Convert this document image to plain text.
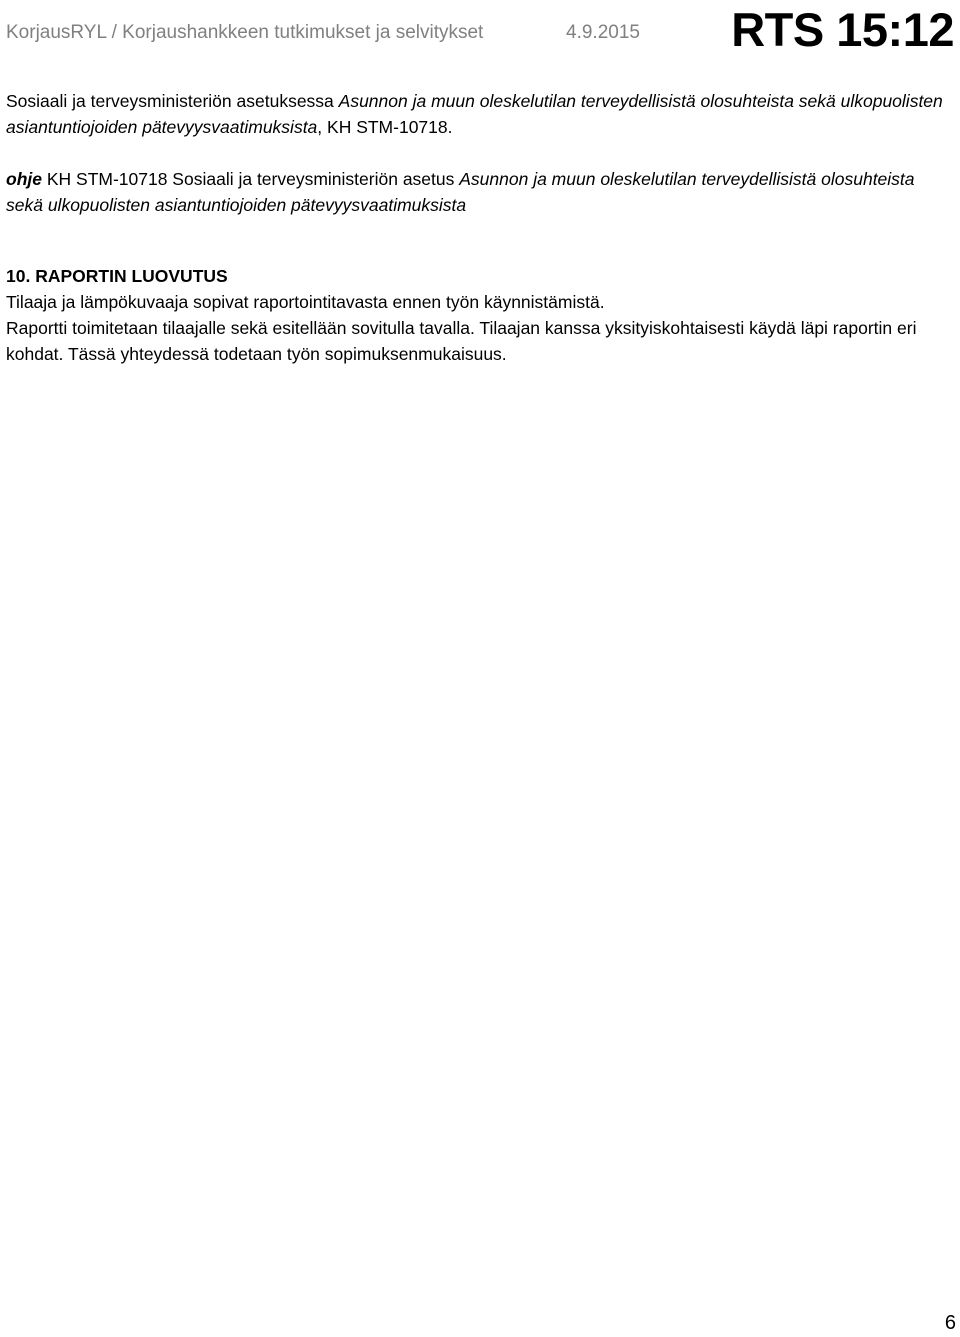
KorjausRYL / Korjaushankkeen tutkimukset ja selvitykset	4.9.2015 RTS 15:12

Sosiaali ja terveysministeriön asetuksessa Asunnon ja muun oleskelutilan terveydellisistä olosuhteista sekä ulkopuolisten asiantuntiojoiden pätevyysvaatimuksista, KH STM-10718.

ohje KH STM-10718 Sosiaali ja terveysministeriön asetus Asunnon ja muun oleskelutilan terveydellisistä olosuhteista sekä ulkopuolisten asiantuntiojoiden pätevyysvaatimuksista

10. RAPORTIN LUOVUTUS
Tilaaja ja lämpökuvaaja sopivat raportointitavasta ennen työn käynnistämistä.
Raportti toimitetaan tilaajalle sekä esitellään sovitulla tavalla. Tilaajan kanssa yksityiskohtaisesti käydä läpi raportin eri kohdat. Tässä yhteydessä todetaan työn sopimuksenmukaisuus.
6
